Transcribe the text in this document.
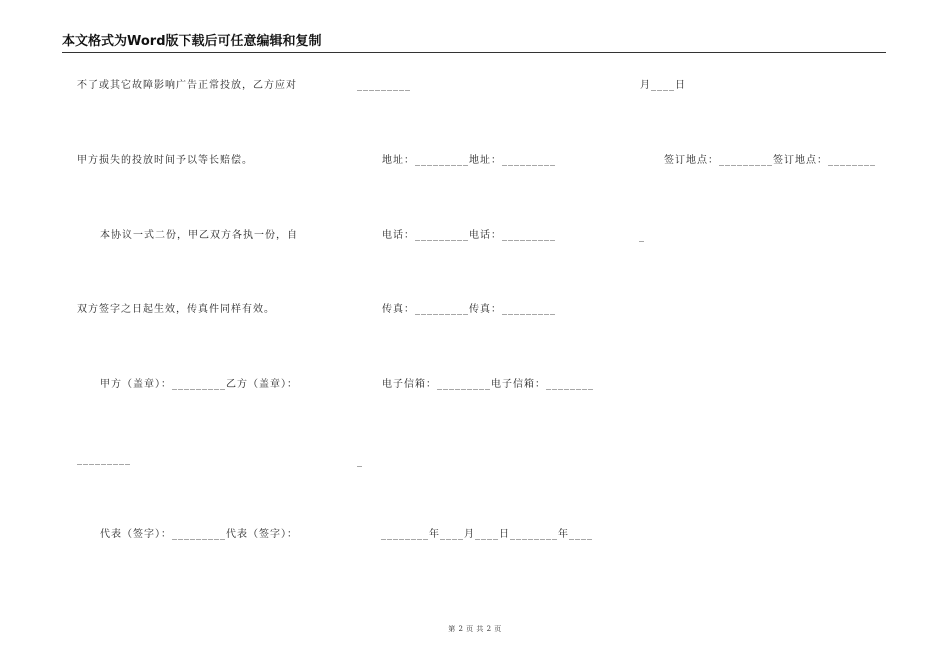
本文格式为Word版下载后可任意编辑和复制
不了或其它故障影响广告正常投放，乙方应对
甲方损失的投放时间予以等长赔偿。
本协议一式二份，甲乙双方各执一份，自
双方签字之日起生效，传真件同样有效。
甲方（盖章）：_________乙方（盖章）：
_________
代表（签字）：_________代表（签字）：
_________
地址：_________地址：_________
电话：_________电话：_________
传真：_________传真：_________
电子信箱：_________电子信箱：________
_
________年____月____日________年____
月____日
签订地点：_________签订地点：________
_
第 2 页 共 2 页
